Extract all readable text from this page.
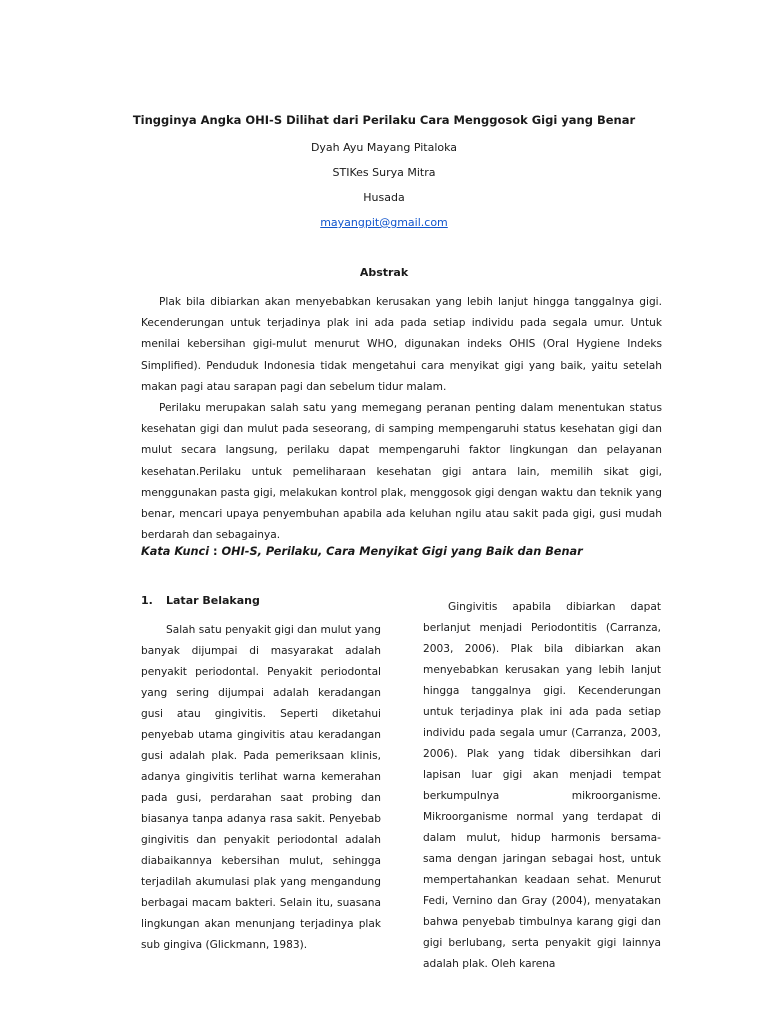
Tingginya Angka OHI-S Dilihat dari Perilaku Cara Menggosok Gigi yang Benar
Dyah Ayu Mayang Pitaloka
STIKes Surya Mitra
Husada
mayangpit@gmail.com
Abstrak

Plak bila dibiarkan akan menyebabkan kerusakan yang lebih lanjut hingga tanggalnya gigi. Kecenderungan untuk terjadinya plak ini ada pada setiap individu pada segala umur. Untuk menilai kebersihan gigi-mulut menurut WHO, digunakan indeks OHIS (Oral Hygiene Indeks Simplified). Penduduk Indonesia tidak mengetahui cara menyikat gigi yang baik, yaitu setelah makan pagi atau sarapan pagi dan sebelum tidur malam.

Perilaku merupakan salah satu yang memegang peranan penting dalam menentukan status kesehatan gigi dan mulut pada seseorang, di samping mempengaruhi status kesehatan gigi dan mulut secara langsung, perilaku dapat mempengaruhi faktor lingkungan dan pelayanan kesehatan.Perilaku untuk pemeliharaan kesehatan gigi antara lain, memilih sikat gigi, menggunakan pasta gigi, melakukan kontrol plak, menggosok gigi dengan waktu dan teknik yang benar, mencari upaya penyembuhan apabila ada keluhan ngilu atau sakit pada gigi, gusi mudah berdarah dan sebagainya.

Kata Kunci : OHI-S, Perilaku, Cara Menyikat Gigi yang Baik dan Benar
1. Latar Belakang

Salah satu penyakit gigi dan mulut yang banyak dijumpai di masyarakat adalah penyakit periodontal. Penyakit periodontal yang sering dijumpai adalah keradangan gusi atau gingivitis. Seperti diketahui penyebab utama gingivitis atau keradangan gusi adalah plak. Pada pemeriksaan klinis, adanya gingivitis terlihat warna kemerahan pada gusi, perdarahan saat probing dan biasanya tanpa adanya rasa sakit. Penyebab gingivitis dan penyakit periodontal adalah diabaikannya kebersihan mulut, sehingga terjadilah akumulasi plak yang mengandung berbagai macam bakteri. Selain itu, suasana lingkungan akan menunjang terjadinya plak sub gingiva (Glickmann, 1983).

Gingivitis apabila dibiarkan dapat berlanjut menjadi Periodontitis (Carranza, 2003, 2006). Plak bila dibiarkan akan menyebabkan kerusakan yang lebih lanjut hingga tanggalnya gigi. Kecenderungan untuk terjadinya plak ini ada pada setiap individu pada segala umur (Carranza, 2003, 2006). Plak yang tidak dibersihkan dari lapisan luar gigi akan menjadi tempat berkumpulnya mikroorganisme. Mikroorganisme normal yang terdapat di dalam mulut, hidup harmonis bersama-sama dengan jaringan sebagai host, untuk mempertahankan keadaan sehat. Menurut Fedi, Vernino dan Gray (2004), menyatakan bahwa penyebab timbulnya karang gigi dan gigi berlubang, serta penyakit gigi lainnya adalah plak. Oleh karena
